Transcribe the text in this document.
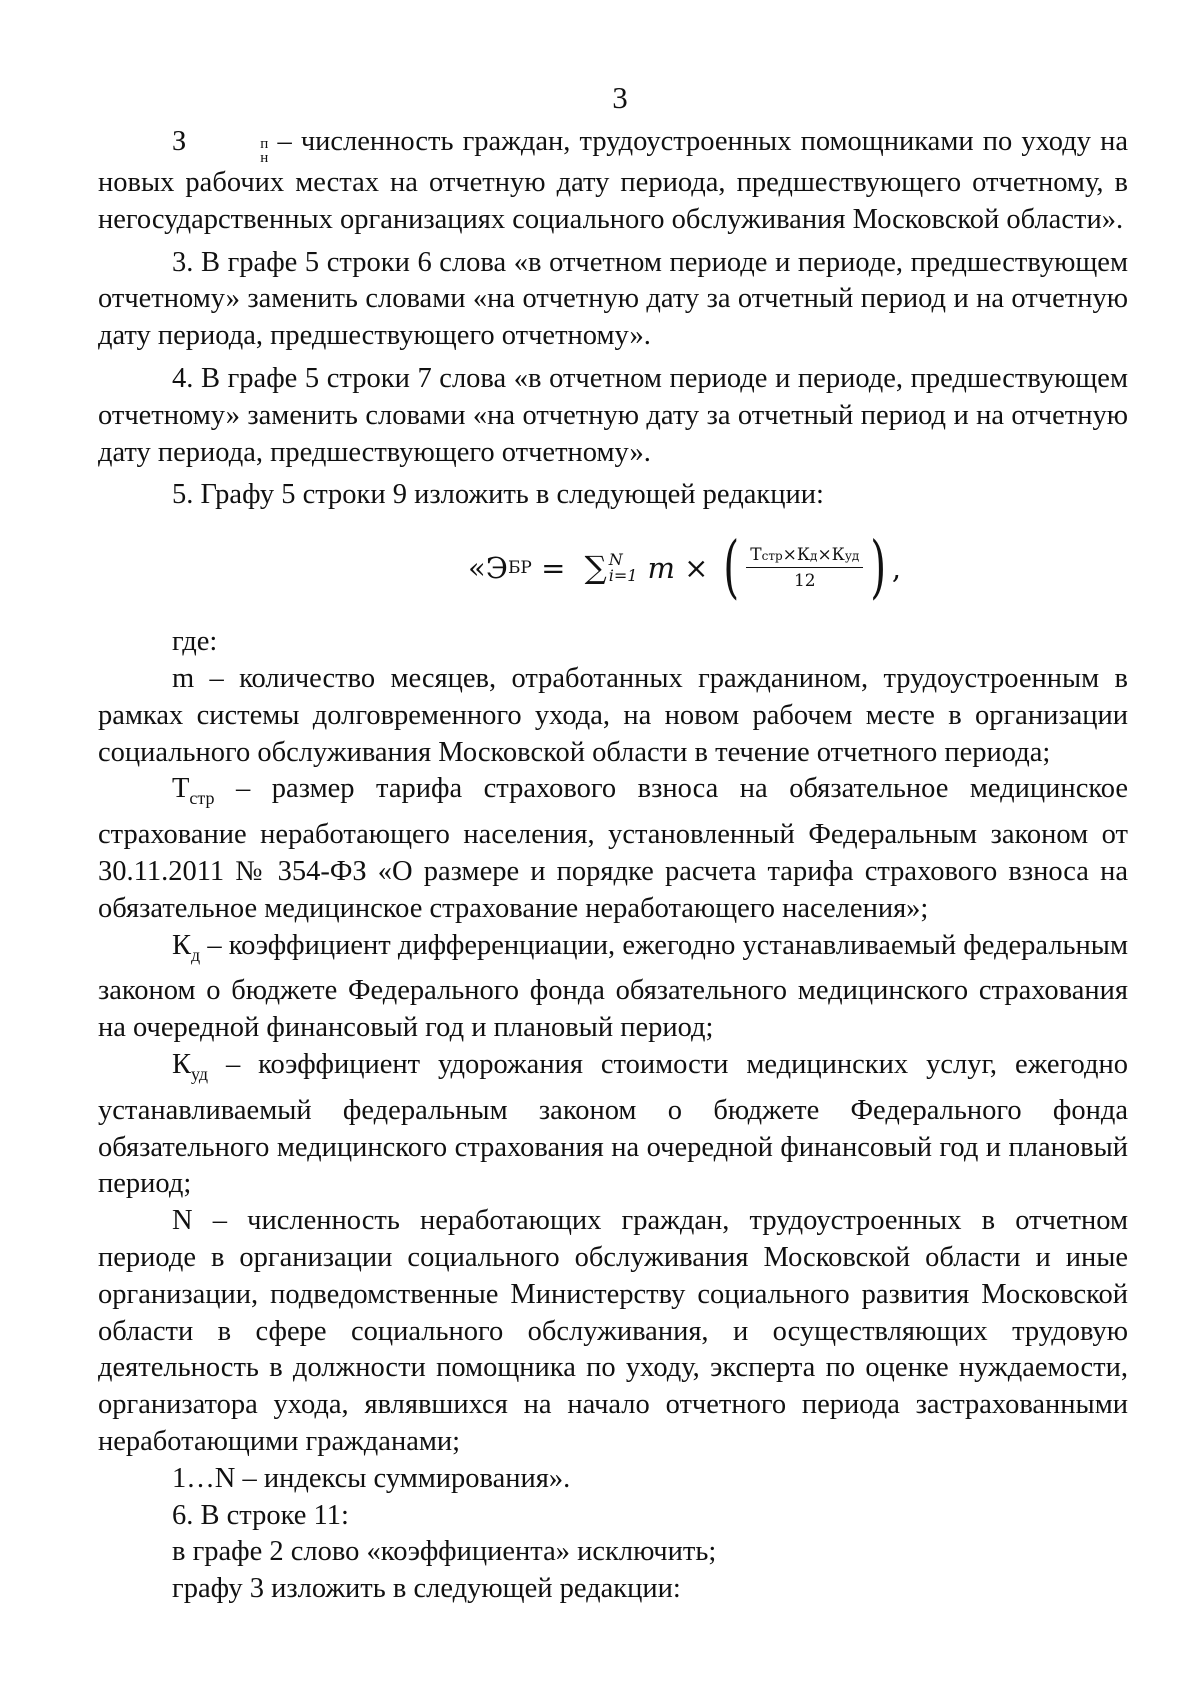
3

З	п
н
– численность граждан, трудоустроенных помощниками по уходу на новых рабочих местах на отчетную дату периода, предшествующего отчетному, в негосударственных организациях социального обслуживания Московской области».

3. В графе 5 строки 6 слова «в отчетном периоде и периоде, предшествующем отчетному» заменить словами «на отчетную дату за отчетный период и на отчетную дату периода, предшествующего отчетному».

4. В графе 5 строки 7 слова «в отчетном периоде и периоде, предшествующем отчетному» заменить словами «на отчетную дату за отчетный период и на отчетную дату периода, предшествующего отчетному».

5. Графу 5 строки 9 изложить в следующей редакции:

«Э БР = ∑ N
i=1 m × ( $\frac{\text{Тстр×Кд×Куд}}{12}$ ) ,

где:

m – количество месяцев, отработанных гражданином, трудоустроенным в рамках системы долговременного ухода, на новом рабочем месте в организации социального обслуживания Московской области в течение отчетного периода;

$Т_{стр}$ – размер тарифа страхового взноса на обязательное медицинское страхование неработающего населения, установленный Федеральным законом от 30.11.2011 № 354-ФЗ «О размере и порядке расчета тарифа страхового взноса на обязательное медицинское страхование неработающего населения»;

$К_д$ – коэффициент дифференциации, ежегодно устанавливаемый федеральным законом о бюджете Федерального фонда обязательного медицинского страхования на очередной финансовый год и плановый период;

$К_{уд}$ – коэффициент удорожания стоимости медицинских услуг, ежегодно устанавливаемый федеральным законом о бюджете Федерального фонда обязательного медицинского страхования на очередной финансовый год и плановый период;

N – численность неработающих граждан, трудоустроенных в отчетном периоде в организации социального обслуживания Московской области и иные организации, подведомственные Министерству социального развития Московской области в сфере социального обслуживания, и осуществляющих трудовую деятельность в должности помощника по уходу, эксперта по оценке нуждаемости, организатора ухода, являвшихся на начало отчетного периода застрахованными неработающими гражданами;

1…N – индексы суммирования».

6. В строке 11:

в графе 2 слово «коэффициента» исключить;

графу 3 изложить в следующей редакции:
